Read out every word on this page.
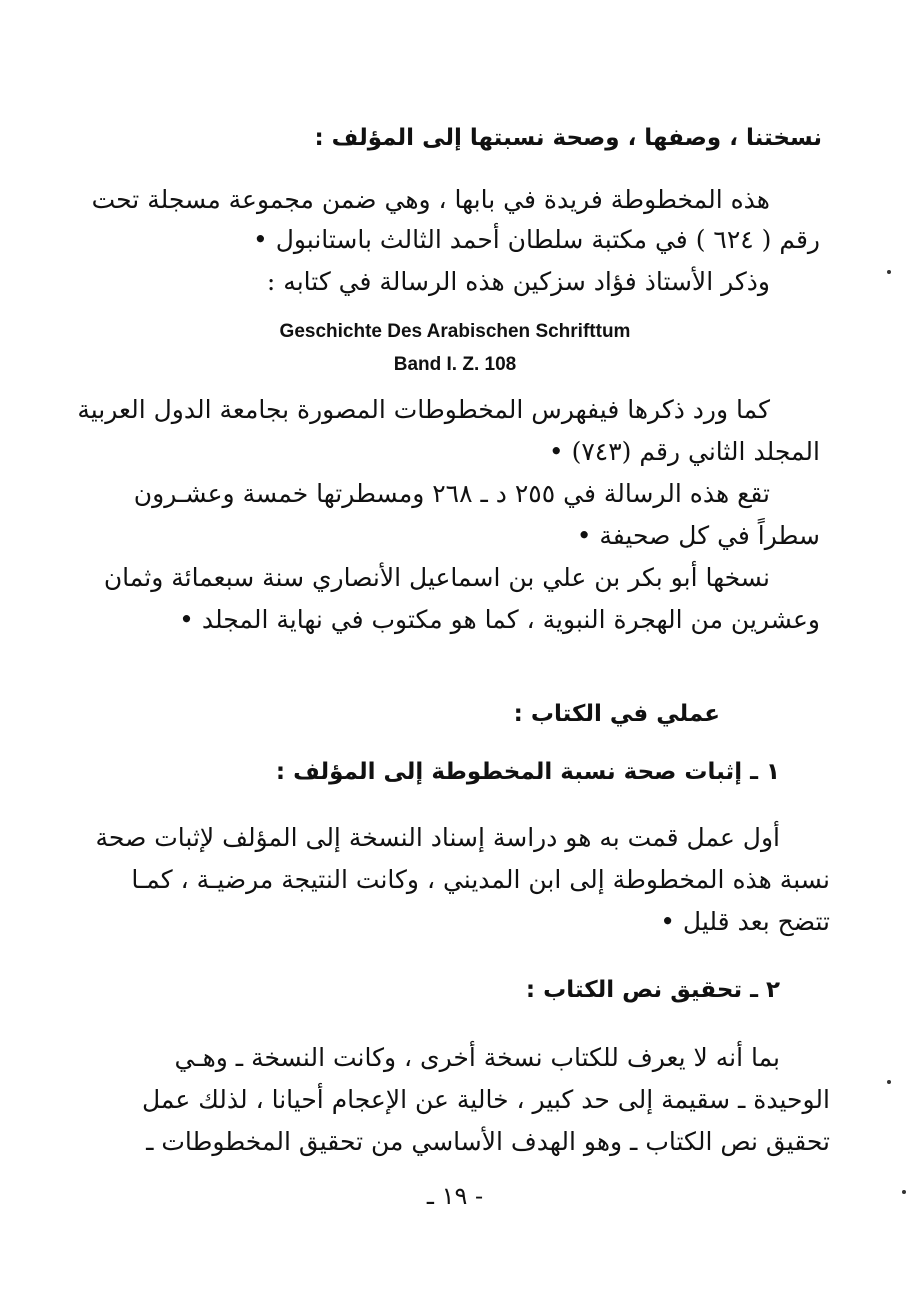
نسختنا ، وصفها ، وصحة نسبتها إلى المؤلف :
هذه المخطوطة فريدة في بابها ، وهي ضمن مجموعة مسجلة تحت
رقم ( ٦٢٤ ) في مكتبة سلطان أحمد الثالث باستانبول •
وذكر الأستاذ فؤاد سزكين هذه الرسالة في كتابه :
Geschichte Des Arabischen Schrifttum
Band I. Z. 108
كما ورد ذكرها فيفهرس المخطوطات المصورة بجامعة الدول العربية
المجلد الثاني رقم (٧٤٣) •
تقع هذه الرسالة في ٢٥٥ د ـ ٢٦٨ ومسطرتها خمسة وعشـرون
سطراً في كل صحيفة •
نسخها أبو بكر بن علي بن اسماعيل الأنصاري سنة سبعمائة وثمان
وعشرين من الهجرة النبوية ، كما هو مكتوب في نهاية المجلد •
عملي في الكتاب :
١ ـ إثبات صحة نسبة المخطوطة إلى المؤلف :
أول عمل قمت به هو دراسة إسناد النسخة إلى المؤلف لإثبات صحة
نسبة هذه المخطوطة إلى ابن المديني ، وكانت النتيجة مرضيـة ، كمـا
تتضح بعد قليل •
٢ ـ تحقيق نص الكتاب :
بما أنه لا يعرف للكتاب نسخة أخرى ، وكانت النسخة ـ وهـي
الوحيدة ـ سقيمة إلى حد كبير ، خالية عن الإعجام أحيانا ، لذلك عمل
تحقيق نص الكتاب ـ وهو الهدف الأساسي من تحقيق المخطوطات ـ
- ١٩ ـ
